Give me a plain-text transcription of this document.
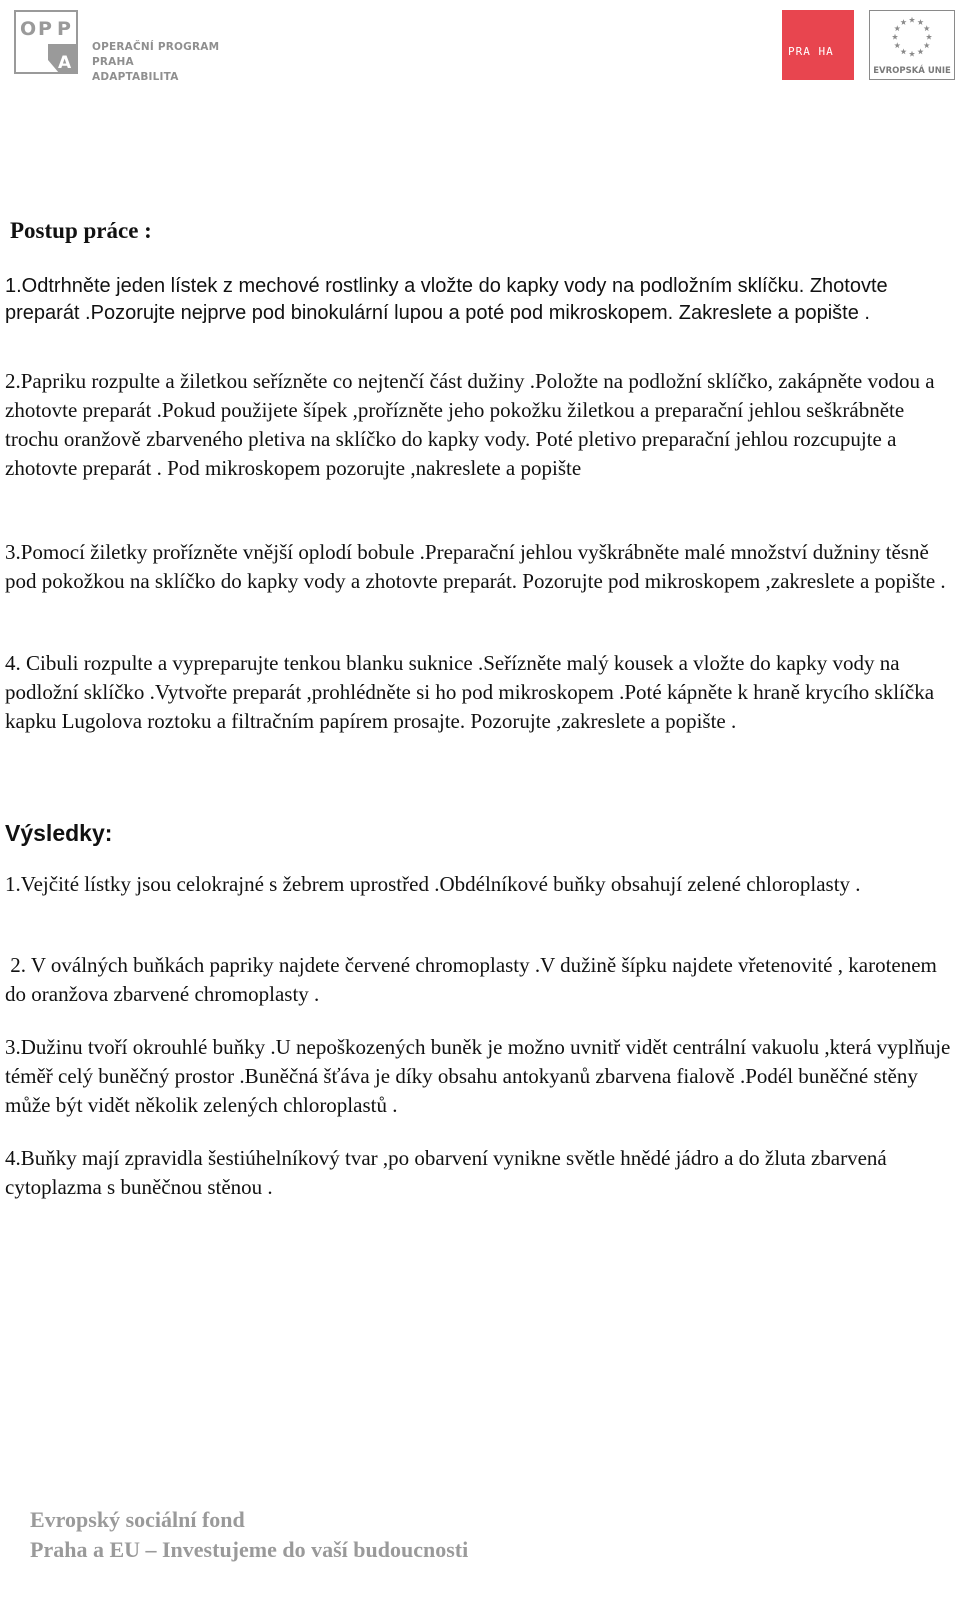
O P P
A
OPERAČNÍ PROGRAM PRAHA
ADAPTABILITA

PRA HA

PRA GUE

PRA GA

PRA G

EVROPSKÁ UNIE
Postup práce :

1.Odtrhněte jeden lístek z mechové rostlinky a vložte do kapky vody na podložním sklíčku. Zhotovte preparát .Pozorujte nejprve pod binokulární lupou a poté pod mikroskopem. Zakreslete a popište .

2.Papriku rozpulte a žiletkou seřízněte co nejtenčí část dužiny .Položte na podložní sklíčko, zakápněte vodou a zhotovte preparát .Pokud použijete šípek ,prořízněte jeho pokožku žiletkou a preparační jehlou seškrábněte trochu oranžově zbarveného pletiva na sklíčko do kapky vody. Poté pletivo preparační jehlou rozcupujte a zhotovte preparát . Pod mikroskopem pozorujte ,nakreslete a popište

3.Pomocí žiletky prořízněte vnější oplodí bobule .Preparační jehlou vyškrábněte malé množství dužniny těsně pod pokožkou na sklíčko do kapky vody a zhotovte preparát. Pozorujte pod mikroskopem ,zakreslete a popište .

4. Cibuli rozpulte a vypreparujte tenkou blanku suknice .Seřízněte malý kousek a vložte do kapky vody na podložní sklíčko .Vytvořte preparát ,prohlédněte si ho pod mikroskopem .Poté kápněte k hraně krycího sklíčka kapku Lugolova roztoku a filtračním papírem prosajte. Pozorujte ,zakreslete a popište .

Výsledky:

1.Vejčité lístky jsou celokrajné s žebrem uprostřed .Obdélníkové buňky obsahují zelené chloroplasty .

2. V oválných buňkách papriky najdete červené chromoplasty .V dužině šípku najdete vřetenovité , karotenem do oranžova zbarvené chromoplasty .

3.Dužinu tvoří okrouhlé buňky .U nepoškozených buněk je možno uvnitř vidět centrální vakuolu ,která vyplňuje téměř celý buněčný prostor .Buněčná šťáva je díky obsahu antokyanů zbarvena fialově .Podél buněčné stěny může být vidět několik zelených chloroplastů .

4.Buňky mají zpravidla šestiúhelníkový tvar ,po obarvení vynikne světle hnědé jádro a do žluta zbarvená cytoplazma s buněčnou stěnou .

Evropský sociální fond
Praha a EU – Investujeme do vaší budoucnosti
